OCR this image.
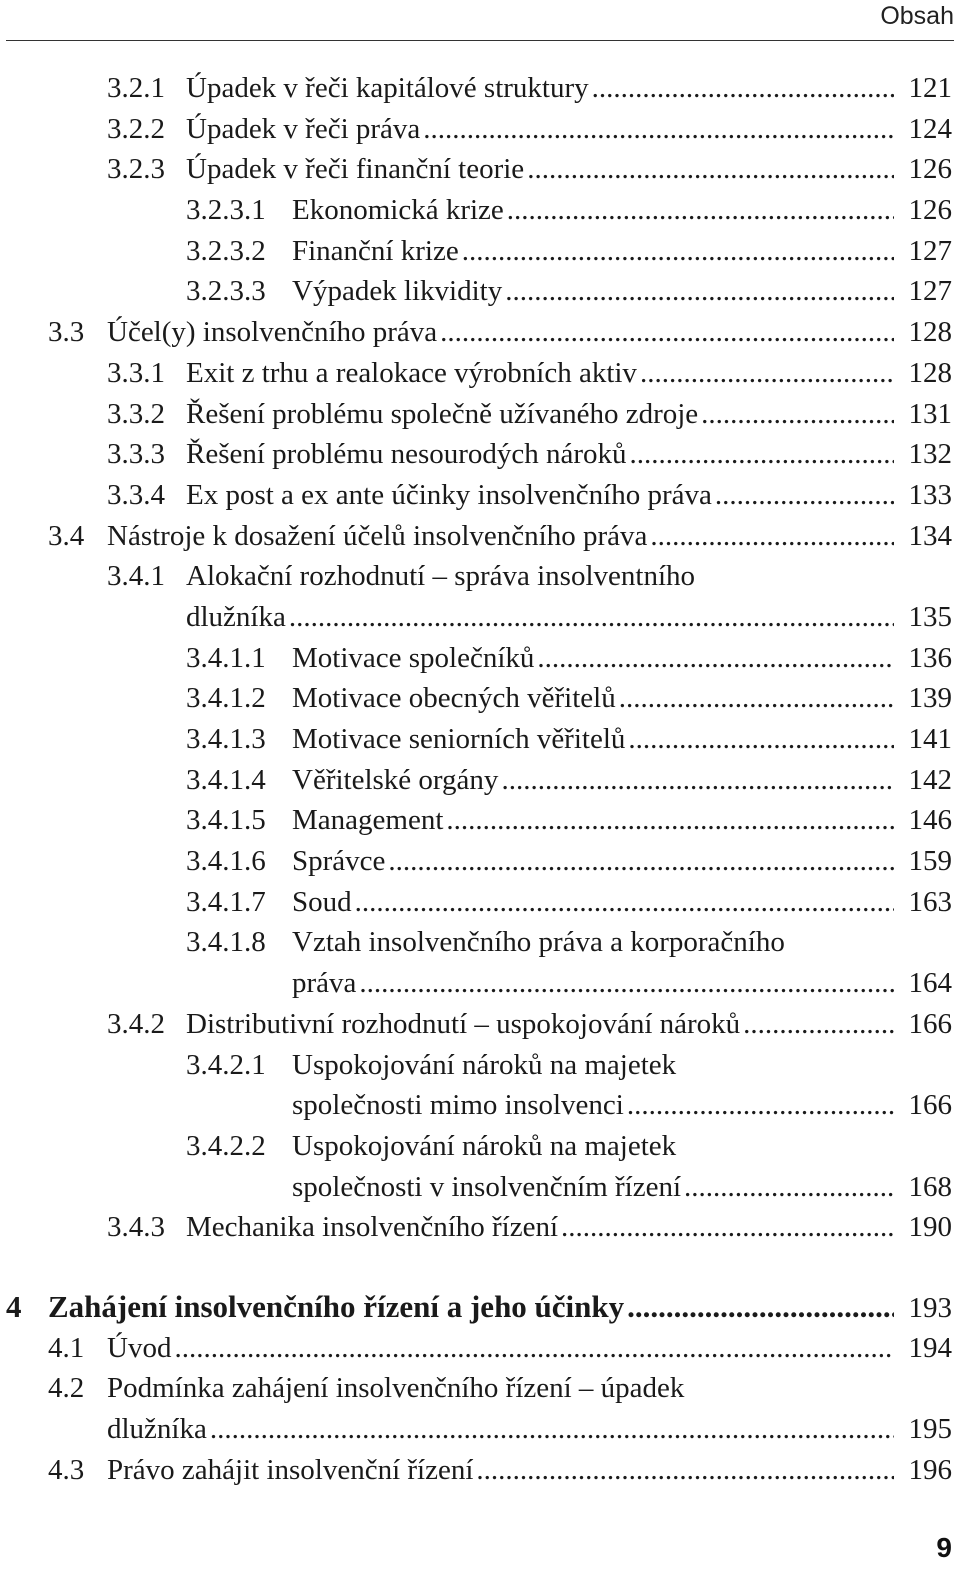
Obsah
3.2.1 Úpadek v řeči kapitálové struktury .....	121
3.2.2 Úpadek v řeči práva .....	124
3.2.3 Úpadek v řeči finanční teorie .....	126
3.2.3.1 Ekonomická krize .....	126
3.2.3.2 Finanční krize .....	127
3.2.3.3 Výpadek likvidity .....	127
3.3 Účel(y) insolvenčního práva .....	128
3.3.1 Exit z trhu a realokace výrobních aktiv .....	128
3.3.2 Řešení problému společně užívaného zdroje .....	131
3.3.3 Řešení problému nesourodých nároků .....	132
3.3.4 Ex post a ex ante účinky insolvenčního práva .....	133
3.4 Nástroje k dosažení účelů insolvenčního práva .....	134
3.4.1 Alokační rozhodnutí – správa insolventního
dlužníka .....	135
3.4.1.1 Motivace společníků .....	136
3.4.1.2 Motivace obecných věřitelů .....	139
3.4.1.3 Motivace seniorních věřitelů .....	141
3.4.1.4 Věřitelské orgány .....	142
3.4.1.5 Management .....	146
3.4.1.6 Správce .....	159
3.4.1.7 Soud .....	163
3.4.1.8 Vztah insolvenčního práva a korporačního
práva .....	164
3.4.2 Distributivní rozhodnutí – uspokojování nároků .....	166
3.4.2.1 Uspokojování nároků na majetek
společnosti mimo insolvenci .....	166
3.4.2.2 Uspokojování nároků na majetek
společnosti v insolvenčním řízení .....	168
3.4.3 Mechanika insolvenčního řízení .....	190
4 Zahájení insolvenčního řízení a jeho účinky .....	193
4.1 Úvod .....	194
4.2 Podmínka zahájení insolvenčního řízení – úpadek
dlužníka .....	195
4.3 Právo zahájit insolvenční řízení .....	196
9
